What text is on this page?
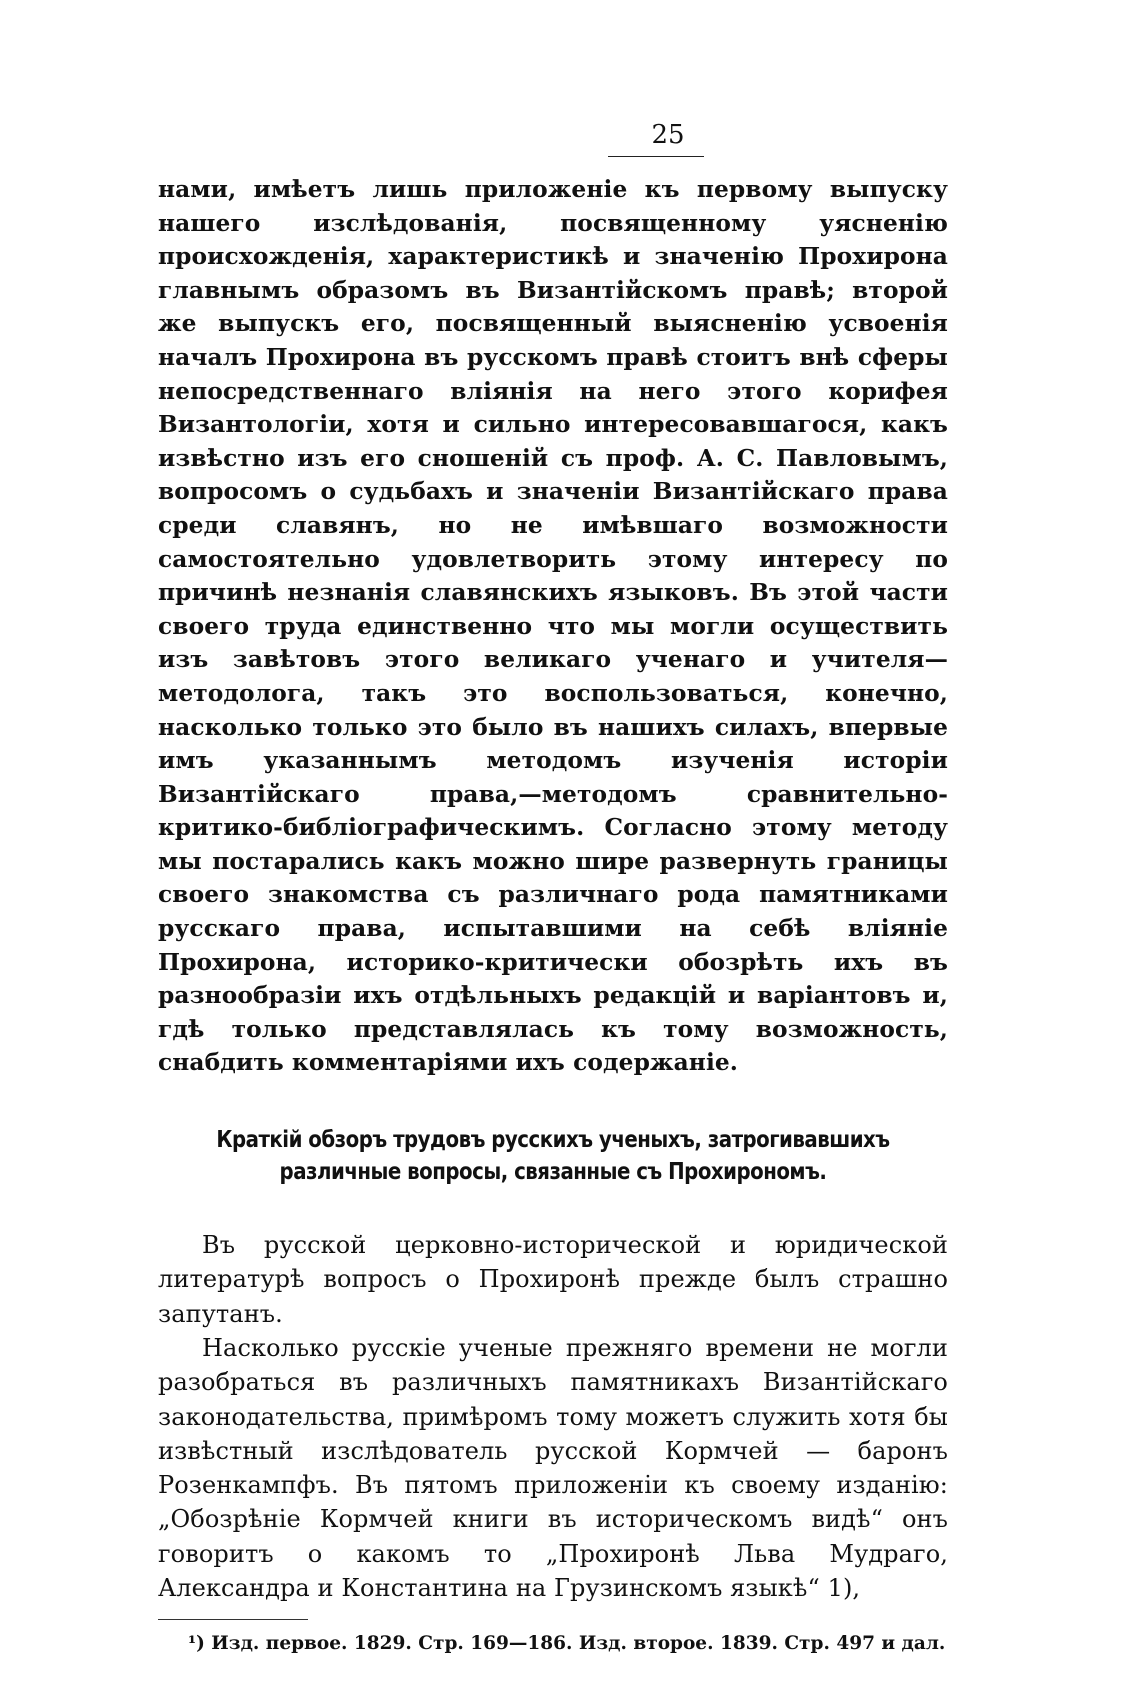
25

нами, имѣетъ лишь приложеніе къ первому выпуску нашего изслѣдованія, посвященному уясненію происхожденія, характеристикѣ и значенію Прохирона главнымъ образомъ въ Византійскомъ правѣ; второй же выпускъ его, посвященный выясненію усвоенія началъ Прохирона въ русскомъ правѣ стоитъ внѣ сферы непосредственнаго вліянія на него этого корифея Византологіи, хотя и сильно интересовавшагося, какъ извѣстно изъ его сношеній съ проф. А. С. Павловымъ, вопросомъ о судьбахъ и значеніи Византійскаго права среди славянъ, но не имѣвшаго возможности самостоятельно удовлетворить этому интересу по причинѣ незнанія славянскихъ языковъ. Въ этой части своего труда единственно что мы могли осуществить изъ завѣтовъ этого великаго ученаго и учителя—методолога, такъ это воспользоваться, конечно, насколько только это было въ нашихъ силахъ, впервые имъ указаннымъ методомъ изученія исторіи Византійскаго права,—методомъ сравнительно-критико-библіографическимъ. Согласно этому методу мы постарались какъ можно шире развернуть границы своего знакомства съ различнаго рода памятниками русскаго права, испытавшими на себѣ вліяніе Прохирона, историко-критически обозрѣть ихъ въ разнообразіи ихъ отдѣльныхъ редакцій и варіантовъ и, гдѣ только представлялась къ тому возможность, снабдить комментаріями ихъ содержаніе.

Краткій обзоръ трудовъ русскихъ ученыхъ, затрогивавшихъ различные вопросы, связанные съ Прохирономъ.

Въ русской церковно-исторической и юридической литературѣ вопросъ о Прохиронѣ прежде былъ страшно запутанъ.

Насколько русскіе ученые прежняго времени не могли разобраться въ различныхъ памятникахъ Византійскаго законодательства, примѣромъ тому можетъ служить хотя бы извѣстный изслѣдователь русской Кормчей — баронъ Розенкампфъ. Въ пятомъ приложеніи къ своему изданію: „Обозрѣніе Кормчей книги въ историческомъ видѣ“ онъ говоритъ о какомъ то „Прохиронѣ Льва Мудраго, Александра и Константина на Грузинскомъ языкѣ“ 1),

¹) Изд. первое. 1829. Стр. 169—186. Изд. второе. 1839. Стр. 497 и дал.
